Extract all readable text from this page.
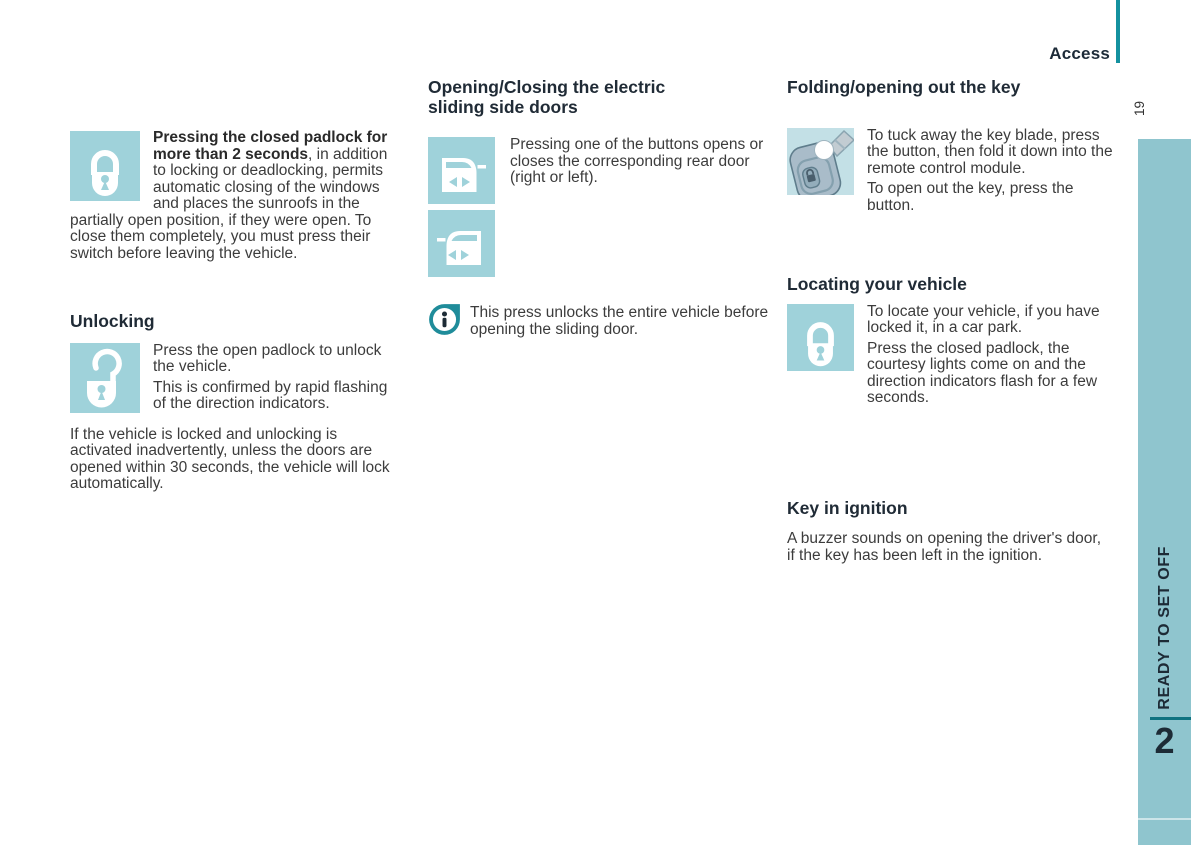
Access
19
READY TO SET OFF
2

Pressing the closed padlock for more than 2 seconds, in addition to locking or deadlocking, permits automatic closing of the windows and places the sunroofs in the partially open position, if they were open. To close them completely, you must press their switch before leaving the vehicle.

Unlocking

Press the open padlock to unlock the vehicle.

This is confirmed by rapid flashing of the direction indicators.

If the vehicle is locked and unlocking is activated inadvertently, unless the doors are opened within 30 seconds, the vehicle will lock automatically.

Opening/Closing the electric
sliding side doors

Pressing one of the buttons opens or closes the corresponding rear door (right or left).

This press unlocks the entire vehicle before opening the sliding door.

Folding/opening out the key

To tuck away the key blade, press the button, then fold it down into the remote control module.

To open out the key, press the button.

Locating your vehicle

To locate your vehicle, if you have locked it, in a car park.

Press the closed padlock, the courtesy lights come on and the direction indicators flash for a few seconds.

Key in ignition

A buzzer sounds on opening the driver's door, if the key has been left in the ignition.
